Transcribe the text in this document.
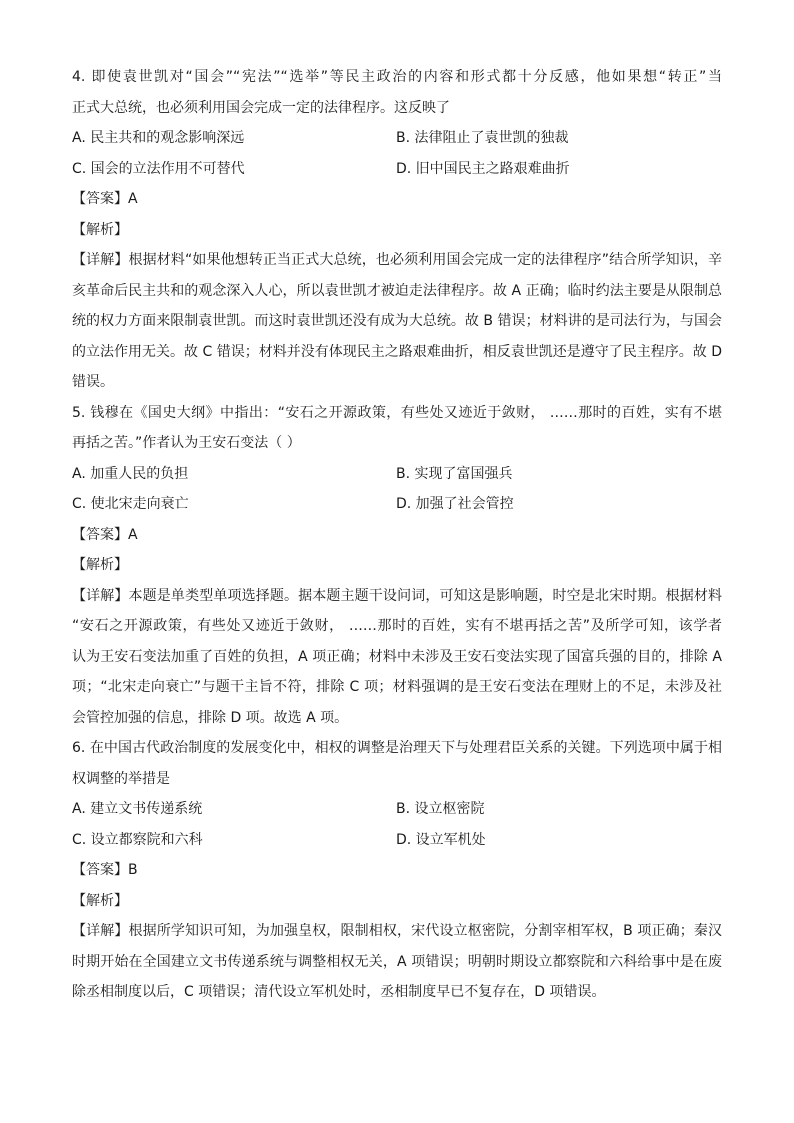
4. 即使袁世凯对“国会”“宪法”“选举”等民主政治的内容和形式都十分反感，他如果想“转正”当
正式大总统，也必须利用国会完成一定的法律程序。这反映了
A. 民主共和的观念影响深远	B. 法律阻止了袁世凯的独裁
C. 国会的立法作用不可替代	D. 旧中国民主之路艰难曲折
【答案】A
【解析】
【详解】根据材料“如果他想转正当正式大总统，也必须利用国会完成一定的法律程序”结合所学知识，辛
亥革命后民主共和的观念深入人心，所以袁世凯才被迫走法律程序。故 A 正确；临时约法主要是从限制总
统的权力方面来限制袁世凯。而这时袁世凯还没有成为大总统。故 B 错误；材料讲的是司法行为，与国会
的立法作用无关。故 C 错误；材料并没有体现民主之路艰难曲折，相反袁世凯还是遵守了民主程序。故 D
错误。
5. 钱穆在《国史大纲》中指出：“安石之开源政策，有些处又迹近于敛财， ……那时的百姓，实有不堪
再括之苦。”作者认为王安石变法（ ）
A. 加重人民的负担	B. 实现了富国强兵
C. 使北宋走向衰亡	D. 加强了社会管控
【答案】A
【解析】
【详解】本题是单类型单项选择题。据本题主题干设问词，可知这是影响题，时空是北宋时期。根据材料
“安石之开源政策，有些处又迹近于敛财， ……那时的百姓，实有不堪再括之苦”及所学可知，该学者
认为王安石变法加重了百姓的负担，A 项正确；材料中未涉及王安石变法实现了国富兵强的目的，排除 A
项；“北宋走向衰亡”与题干主旨不符，排除 C 项；材料强调的是王安石变法在理财上的不足，未涉及社
会管控加强的信息，排除 D 项。故选 A 项。
6. 在中国古代政治制度的发展变化中，相权的调整是治理天下与处理君臣关系的关键。下列选项中属于相
权调整的举措是
A. 建立文书传递系统	B. 设立枢密院
C. 设立都察院和六科	D. 设立军机处
【答案】B
【解析】
【详解】根据所学知识可知，为加强皇权，限制相权，宋代设立枢密院，分割宰相军权，B 项正确；秦汉
时期开始在全国建立文书传递系统与调整相权无关，A 项错误；明朝时期设立都察院和六科给事中是在废
除丞相制度以后，C 项错误；清代设立军机处时，丞相制度早已不复存在，D 项错误。
